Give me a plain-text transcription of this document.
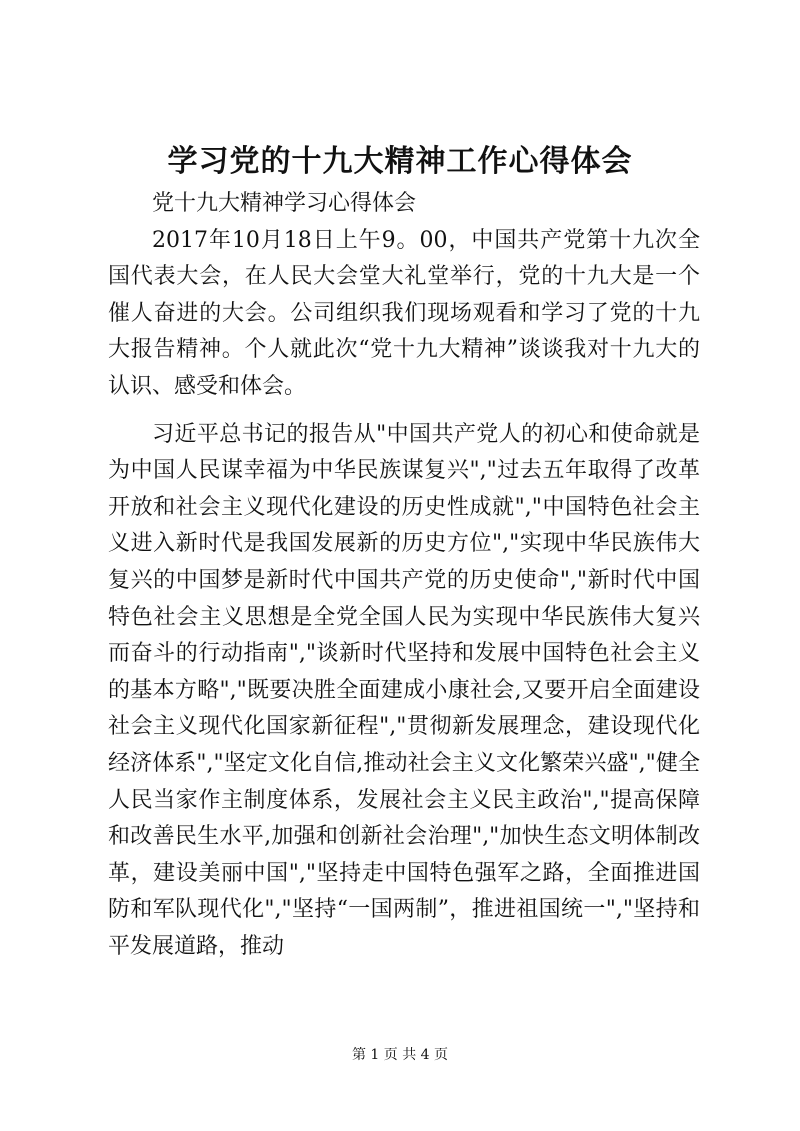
学习党的十九大精神工作心得体会

党十九大精神学习心得体会

2017年10月18日上午9。00，中国共产党第十九次全国代表大会，在人民大会堂大礼堂举行，党的十九大是一个催人奋进的大会。公司组织我们现场观看和学习了党的十九大报告精神。个人就此次“党十九大精神”谈谈我对十九大的认识、感受和体会。

习近平总书记的报告从"中国共产党人的初心和使命就是为中国人民谋幸福为中华民族谋复兴","过去五年取得了改革开放和社会主义现代化建设的历史性成就","中国特色社会主义进入新时代是我国发展新的历史方位","实现中华民族伟大复兴的中国梦是新时代中国共产党的历史使命","新时代中国特色社会主义思想是全党全国人民为实现中华民族伟大复兴而奋斗的行动指南","谈新时代坚持和发展中国特色社会主义的基本方略","既要决胜全面建成小康社会,又要开启全面建设社会主义现代化国家新征程","贯彻新发展理念，建设现代化经济体系","坚定文化自信,推动社会主义文化繁荣兴盛","健全人民当家作主制度体系，发展社会主义民主政治","提高保障和改善民生水平,加强和创新社会治理","加快生态文明体制改革，建设美丽中国","坚持走中国特色强军之路，全面推进国防和军队现代化","坚持“一国两制”，推进祖国统一","坚持和平发展道路，推动

第 1 页 共 4 页
